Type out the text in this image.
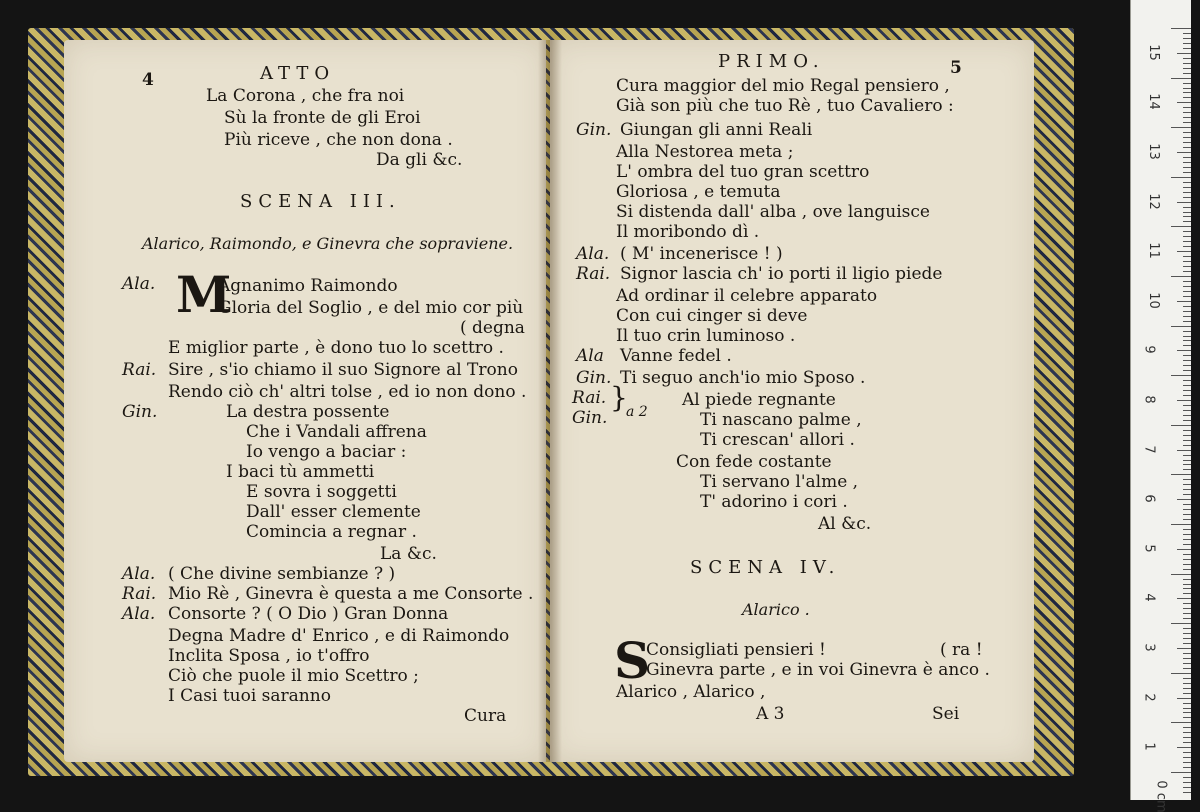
4	ATTO
La Corona , che fra noi
Sù la fronte de gli Eroi
Più riceve , che non dona .
Da gli &c.
SCENA III.
Alarico, Raimondo, e Ginevra che sopraviene.
Ala. M
Agnanimo Raimondo
Gloria del Soglio , e del mio cor più
( degna
E miglior parte , è dono tuo lo scettro .
Rai. Sire , s'io chiamo il suo Signore al Trono
Rendo ciò ch' altri tolse , ed io non dono .
Gin.	La destra possente
Che i Vandali affrena
Io vengo a baciar :
I baci tù ammetti
E sovra i soggetti
Dall' esser clemente
Comincia a regnar .
La &c.
Ala. ( Che divine sembianze ? )
Rai. Mio Rè , Ginevra è questa a me Consorte .
Ala. Consorte ? ( O Dio ) Gran Donna
Degna Madre d' Enrico , e di Raimondo
Inclita Sposa , io t'offro
Ciò che puole il mio Scettro ;
I Casi tuoi saranno
Cura
PRIMO.	5
Cura maggior del mio Regal pensiero ,
Già son più che tuo Rè , tuo Cavaliero :
Gin. Giungan gli anni Reali
Alla Nestorea meta ;
L' ombra del tuo gran scettro
Gloriosa , e temuta
Si distenda dall' alba , ove languisce
Il moribondo dì .
Ala. ( M' incenerisce ! )
Rai. Signor lascia ch' io porti il ligio piede
Ad ordinar il celebre apparato
Con cui cinger si deve
Il tuo crin luminoso .
Ala Vanne fedel .
Gin. Ti seguo anch'io mio Sposo .
Rai.
Gin.
}
a 2
Al piede regnante
Ti nascano palme ,
Ti crescan' allori .
Con fede costante
Ti servano l'alme ,
T' adorino i cori .
Al &c.
SCENA IV.
Alarico .
S
Consigliati pensieri !	( ra !
Ginevra parte , e in voi Ginevra è anco .
Alarico , Alarico ,
A 3	Sei
15
14
13
12
11
10
9
8
7
6
5
4
3
2
1
0 cm
